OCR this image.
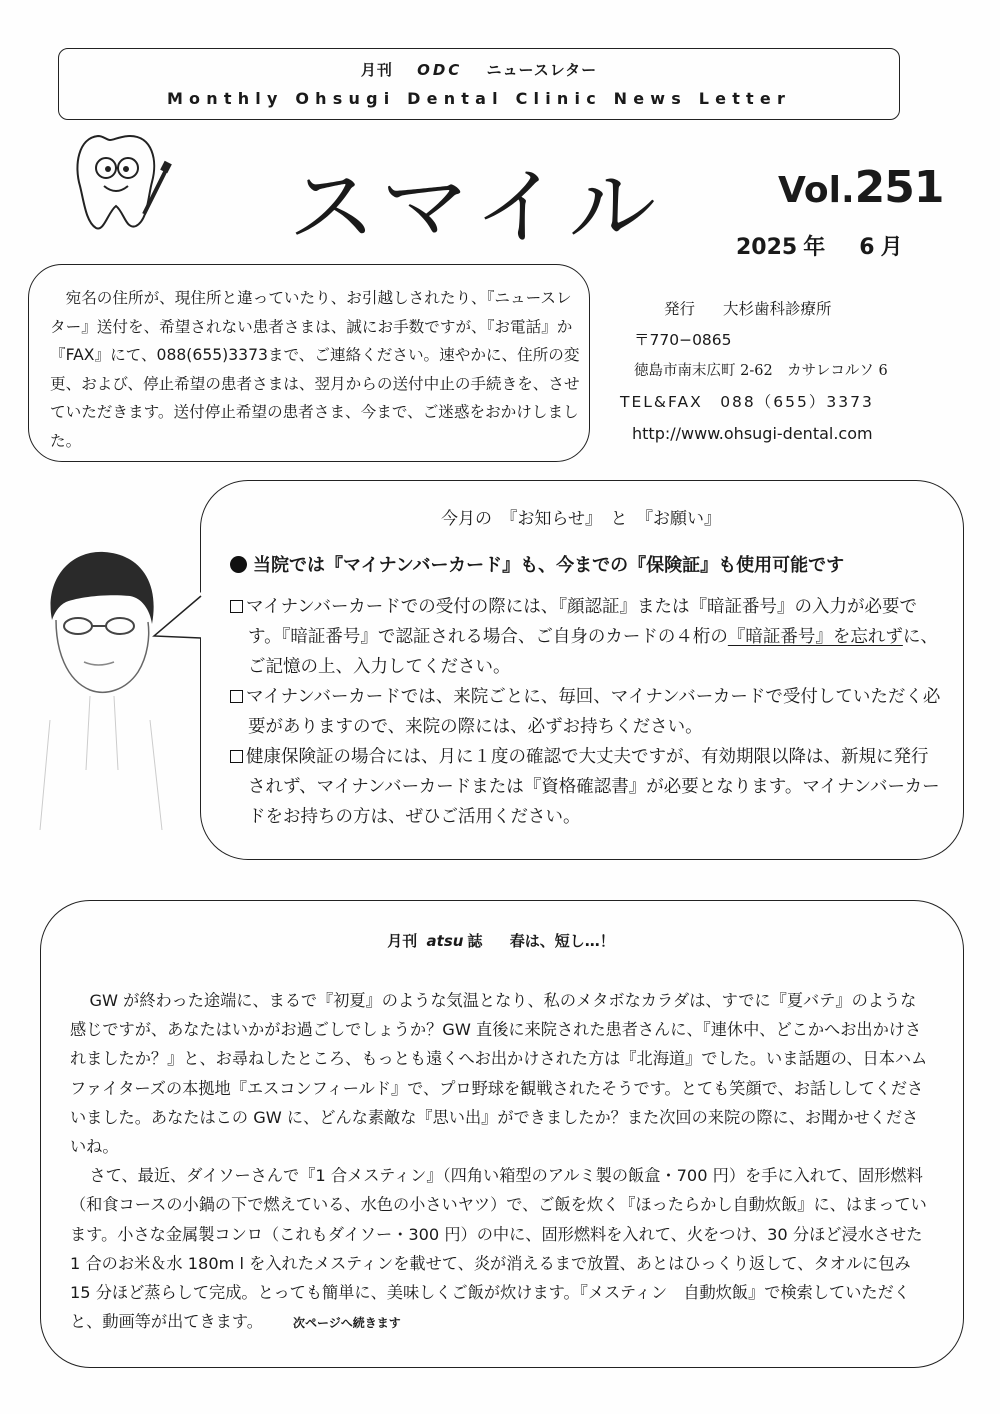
月刊 ODC ニュースレター
Monthly Ohsugi Dental Clinic News Letter
スマイル	Vol.251
2025 年 6 月

宛名の住所が、現住所と違っていたり、お引越しされたり、『ニュースレター』送付を、希望されない患者さまは、誠にお手数ですが、『お電話』か『FAX』にて、088(655)3373まで、ご連絡ください。速やかに、住所の変更、および、停止希望の患者さまは、翌月からの送付中止の手続きを、させていただきます。送付停止希望の患者さま、今まで、ご迷惑をおかけしました。

発行 大杉歯科診療所
〒770−0865
徳島市南末広町 2-62　カサレコルソ 6
TEL&FAX　088（655）3373
http://www.ohsugi-dental.com
今月の　『お知らせ』　と　『お願い』
当院では『マイナンバーカード』も、今までの『保険証』も使用可能です
マイナンバーカードでの受付の際には、『顔認証』または『暗証番号』の入力が必要です。『暗証番号』で認証される場合、ご自身のカードの４桁の『暗証番号』を忘れずに、ご記憶の上、入力してください。
マイナンバーカードでは、来院ごとに、毎回、マイナンバーカードで受付していただく必要がありますので、来院の際には、必ずお持ちください。
健康保険証の場合には、月に１度の確認で大丈夫ですが、有効期限以降は、新規に発行されず、マイナンバーカードまたは『資格確認書』が必要となります。マイナンバーカードをお持ちの方は、ぜひご活用ください。
月刊 atsu 誌 春は、短し…！

GW が終わった途端に、まるで『初夏』のような気温となり、私のメタボなカラダは、すでに『夏バテ』のような感じですが、あなたはいかがお過ごしでしょうか？GW 直後に来院された患者さんに、『連休中、どこかへお出かけされましたか？』と、お尋ねしたところ、もっとも遠くへお出かけされた方は『北海道』でした。いま話題の、日本ハムファイターズの本拠地『エスコンフィールド』で、プロ野球を観戦されたそうです。とても笑顔で、お話ししてくださいました。あなたはこの GW に、どんな素敵な『思い出』ができましたか？また次回の来院の際に、お聞かせくださいね。

さて、最近、ダイソーさんで『1 合メスティン』（四角い箱型のアルミ製の飯盒・700 円）を手に入れて、固形燃料（和食コースの小鍋の下で燃えている、水色の小さいヤツ）で、ご飯を炊く『ほったらかし自動炊飯』に、はまっています。小さな金属製コンロ（これもダイソー・300 円）の中に、固形燃料を入れて、火をつけ、30 分ほど浸水させた 1 合のお米＆水 180m l を入れたメスティンを載せて、炎が消えるまで放置、あとはひっくり返して、タオルに包み 15 分ほど蒸らして完成。とっても簡単に、美味しくご飯が炊けます。『メスティン　自動炊飯』で検索していただくと、動画等が出てきます。	次ページへ続きます
